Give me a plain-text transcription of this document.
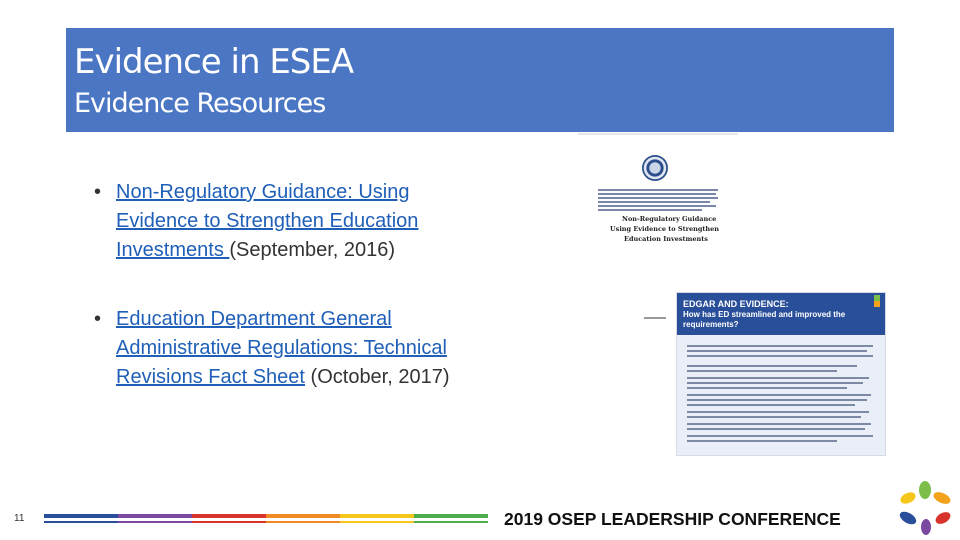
Evidence in ESEA
Evidence Resources
• Non-Regulatory Guidance: Using Evidence to Strengthen Education Investments (September, 2016)
• Education Department General Administrative Regulations: Technical Revisions Fact Sheet (October, 2017)
Non-Regulatory Guidance
Using Evidence to Strengthen
Education Investments
EDGAR AND EVIDENCE:
How has ED streamlined and improved the requirements?
11	2019 OSEP LEADERSHIP CONFERENCE
